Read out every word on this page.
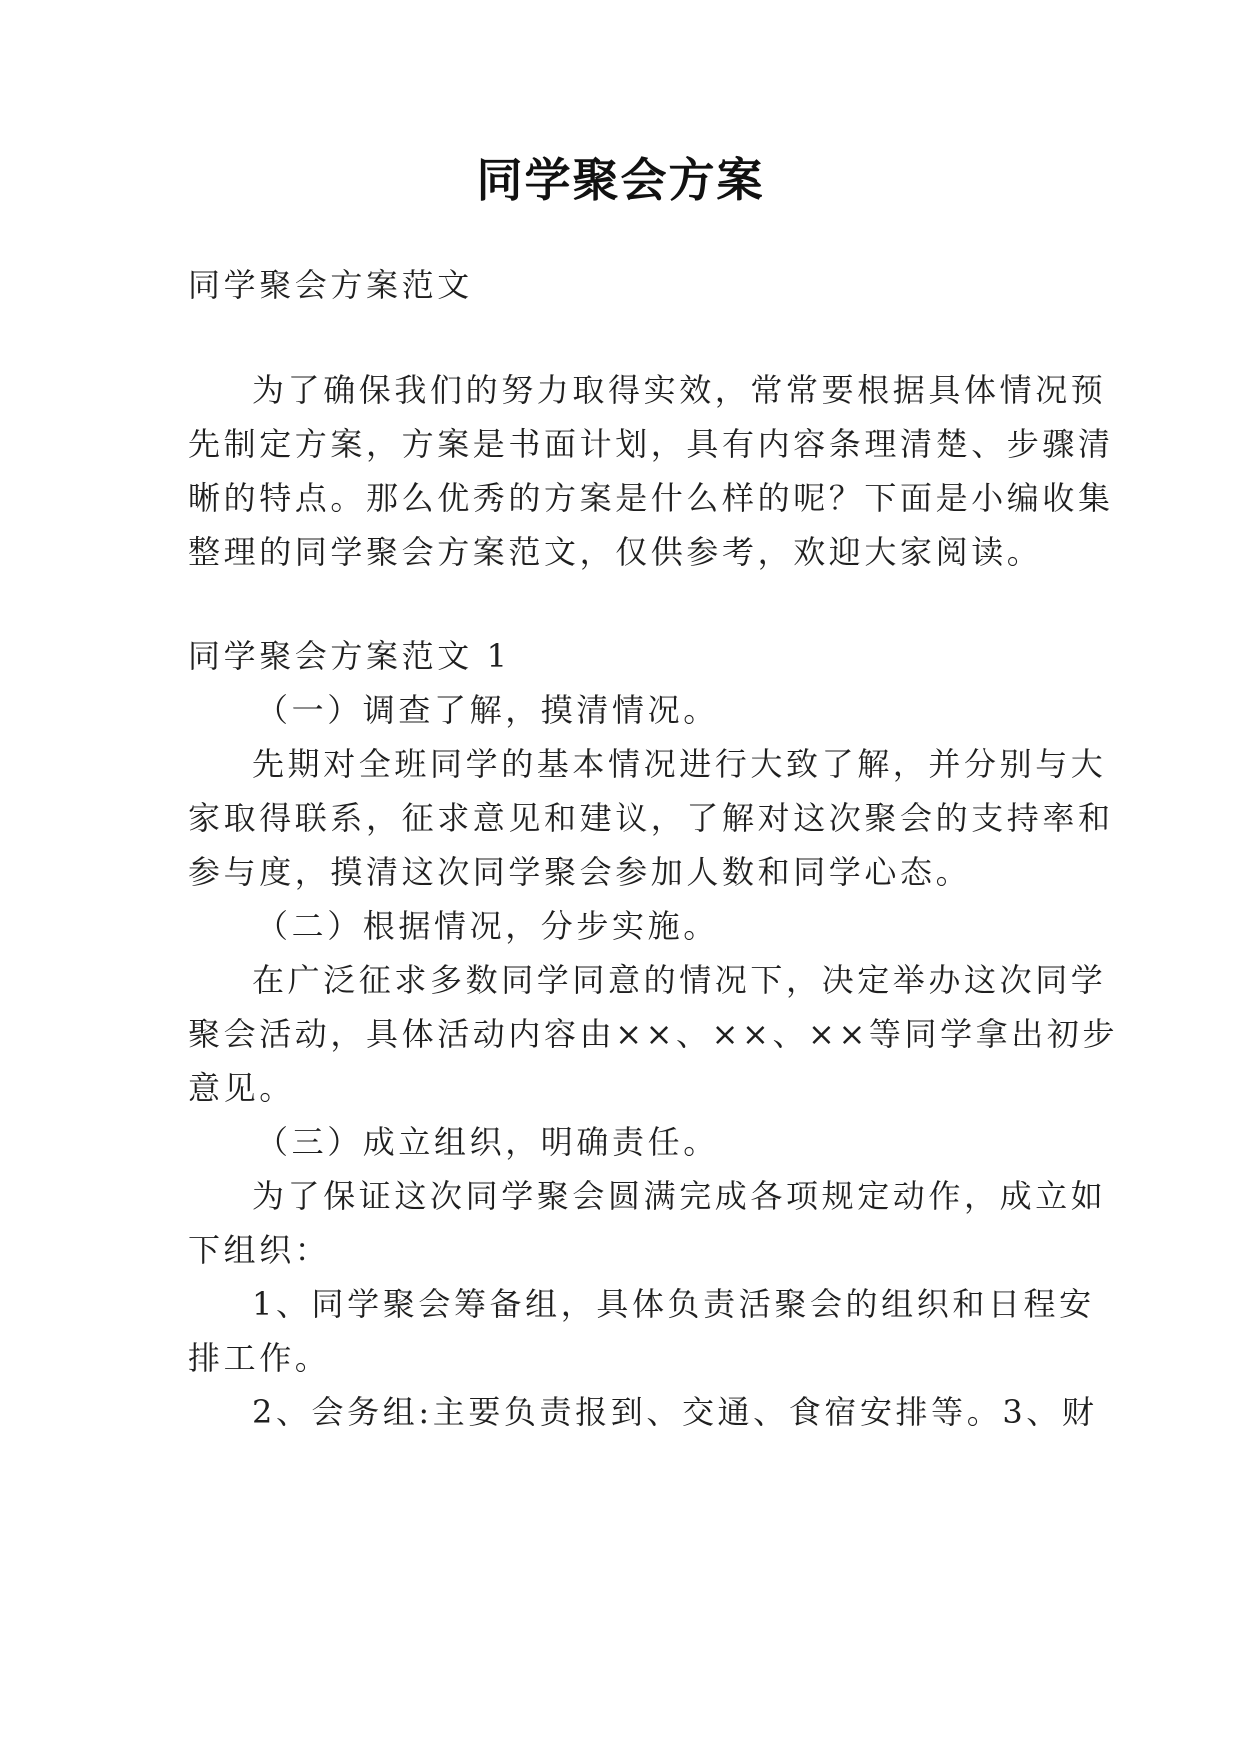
同学聚会方案
同学聚会方案范文
为了确保我们的努力取得实效，常常要根据具体情况预
先制定方案，方案是书面计划，具有内容条理清楚、步骤清
晰的特点。那么优秀的方案是什么样的呢？下面是小编收集
整理的同学聚会方案范文，仅供参考，欢迎大家阅读。
同学聚会方案范文 1
（一）调查了解，摸清情况。
先期对全班同学的基本情况进行大致了解，并分别与大
家取得联系，征求意见和建议，了解对这次聚会的支持率和
参与度，摸清这次同学聚会参加人数和同学心态。
（二）根据情况，分步实施。
在广泛征求多数同学同意的情况下，决定举办这次同学
聚会活动，具体活动内容由××、××、××等同学拿出初步
意见。
（三）成立组织，明确责任。
为了保证这次同学聚会圆满完成各项规定动作，成立如
下组织：
1、同学聚会筹备组，具体负责活聚会的组织和日程安
排工作。
2、会务组:主要负责报到、交通、食宿安排等。3、财
